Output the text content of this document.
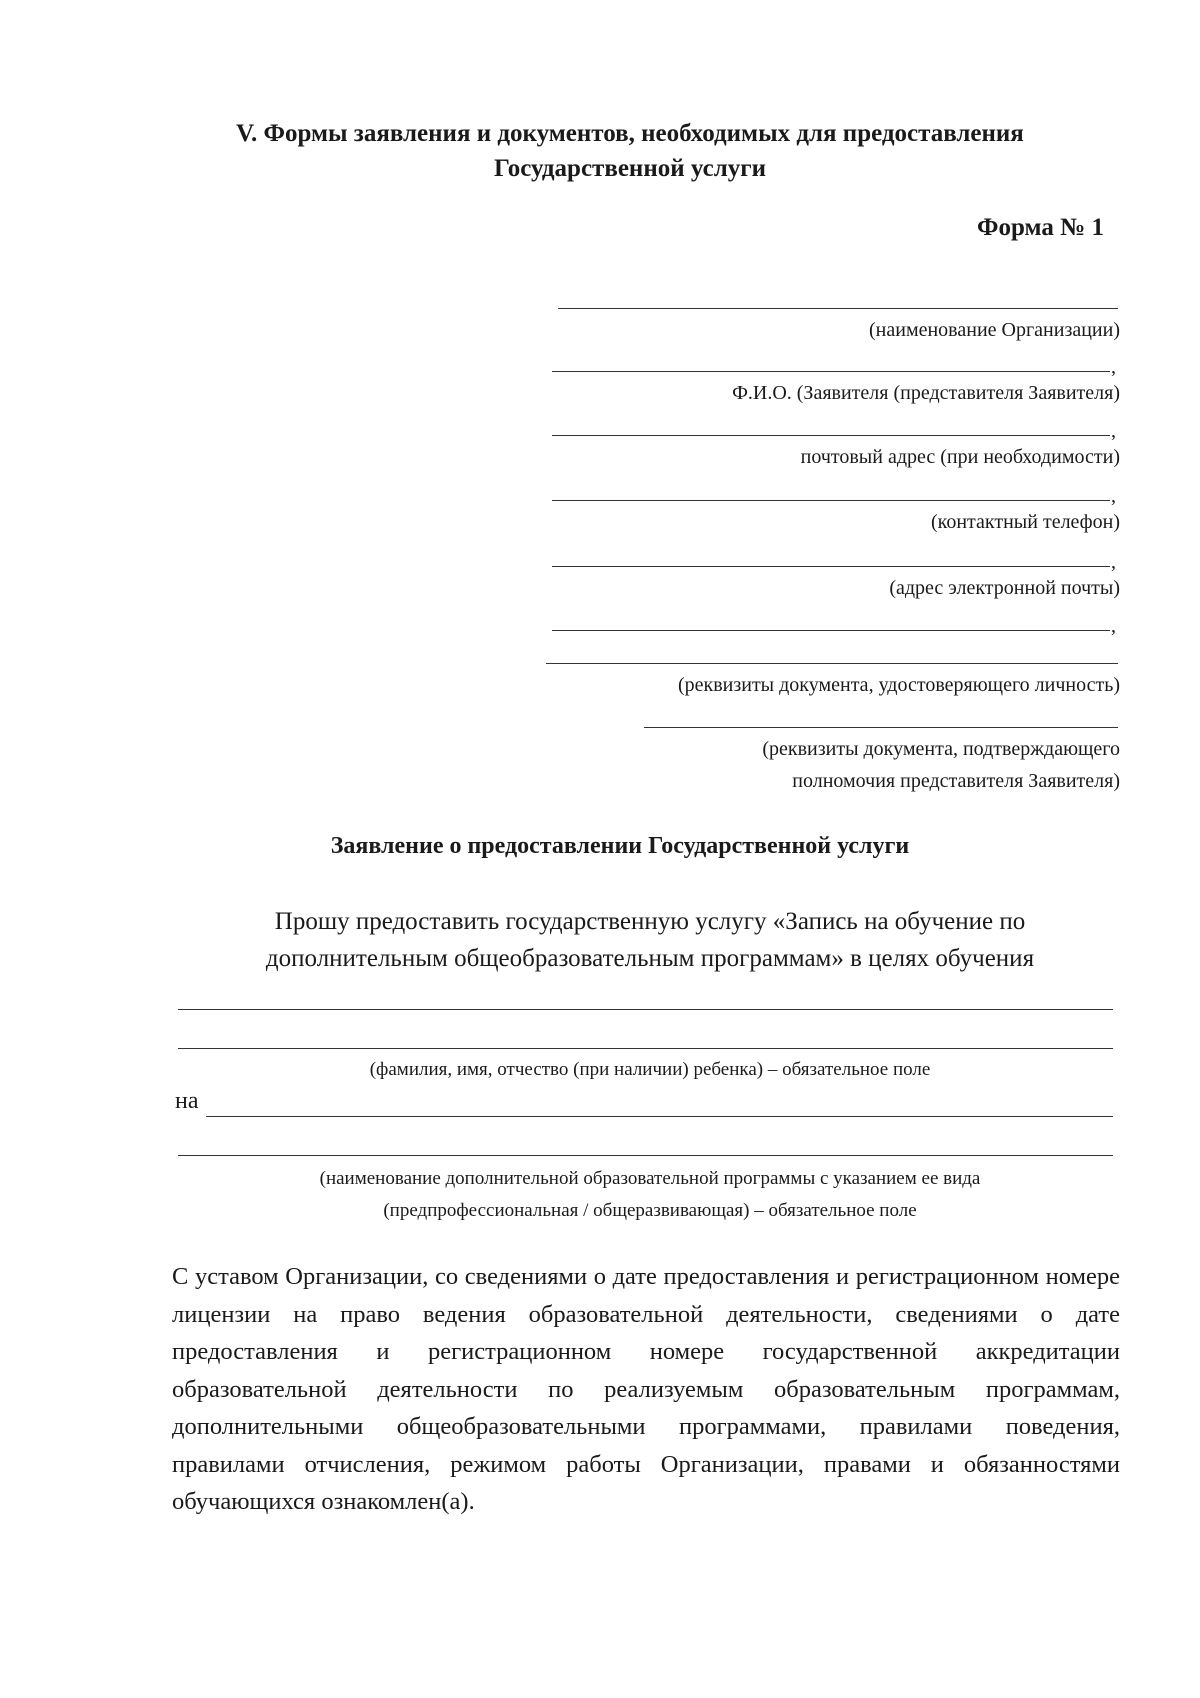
V. Формы заявления и документов, необходимых для предоставления
Государственной услуги
Форма № 1
(наименование Организации)
,
Ф.И.О. (Заявителя (представителя Заявителя)
,
почтовый адрес (при необходимости)
,
(контактный телефон)
,
(адрес электронной почты)
,
(реквизиты документа, удостоверяющего личность)
(реквизиты документа, подтверждающего
полномочия представителя Заявителя)
Заявление о предоставлении Государственной услуги
Прошу предоставить государственную услугу «Запись на обучение по
дополнительным общеобразовательным программам» в целях обучения
(фамилия, имя, отчество (при наличии) ребенка) – обязательное поле
на
(наименование дополнительной образовательной программы с указанием ее вида
(предпрофессиональная / общеразвивающая) – обязательное поле
С уставом Организации, со сведениями о дате предоставления и регистрационном номере лицензии на право ведения образовательной деятельности, сведениями о дате предоставления и регистрационном номере государственной аккредитации образовательной деятельности по реализуемым образовательным программам, дополнительными общеобразовательными программами, правилами поведения, правилами отчисления, режимом работы Организации, правами и обязанностями обучающихся ознакомлен(а).
